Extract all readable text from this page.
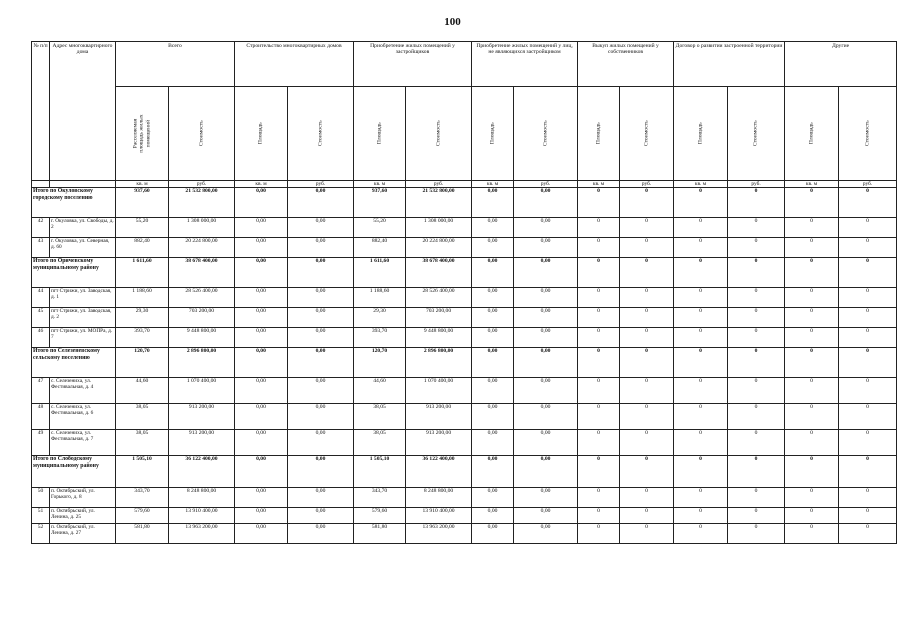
100
№ п/п	Адрес многоквартирного дома	Всего		Строительство многоквартирных домов		Приобретение жилых помещений у застройщиков		Приобретение жилых помещений у лиц, не являющихся застройщиком		Выкуп жилых помещений у собственников		Договор о развитии застроенной территории		Другие	
		Расселяемая площадь жилых помещений	Стоимость	Площадь	Стоимость	Площадь	Стоимость	Площадь	Стоимость	Площадь	Стоимость	Площадь	Стоимость	Площадь	Стоимость
		кв. м	руб.	кв. м	руб.	кв. м	руб.	кв. м	руб.	кв. м	руб.	кв. м	руб.	кв. м	руб.
Итого по Окуловскому городскому поселению		937,60	21 532 800,00	0,00	0,00	937,60	21 532 800,00	0,00	0,00	0	0	0	0	0	0
42	г. Окуловка, ул. Свободы, д. 2	55,20	1 308 000,00	0,00	0,00	55,20	1 308 000,00	0,00	0,00	0	0	0	0	0	0
43	г. Окуловка, ул. Северная, д. 60	882,40	20 224 800,00	0,00	0,00	882,40	20 224 800,00	0,00	0,00	0	0	0	0	0	0
Итого по Оричевскому муниципальному району		1 611,60	38 678 400,00	0,00	0,00	1 611,60	38 678 400,00	0,00	0,00	0	0	0	0	0	0
44	пгт Стрижи, ул. Заводская, д. 1	1 188,60	28 526 400,00	0,00	0,00	1 188,60	28 526 400,00	0,00	0,00	0	0	0	0	0	0
45	пгт Стрижи, ул. Заводская, д. 2	29,30	703 200,00	0,00	0,00	29,30	703 200,00	0,00	0,00	0	0	0	0	0	0
46	пгт Стрижи, ул. МОПРа, д. 7	393,70	9 448 800,00	0,00	0,00	393,70	9 448 800,00	0,00	0,00	0	0	0	0	0	0
Итого по Селезеневскому сельскому поселению		120,70	2 896 800,00	0,00	0,00	120,70	2 896 800,00	0,00	0,00	0	0	0	0	0	0
47	с. Селезениха, ул. Фестивальная, д. 4	44,60	1 070 400,00	0,00	0,00	44,60	1 070 400,00	0,00	0,00	0	0	0	0	0	0
48	с. Селезениха, ул. Фестивальная, д. 6	38,05	913 200,00	0,00	0,00	38,05	913 200,00	0,00	0,00	0	0	0	0	0	0
49	с. Селезениха, ул. Фестивальная, д. 7	38,05	913 200,00	0,00	0,00	38,05	913 200,00	0,00	0,00	0	0	0	0	0	0
Итого по Слободскому муниципальному району		1 505,10	36 122 400,00	0,00	0,00	1 505,10	36 122 400,00	0,00	0,00	0	0	0	0	0	0
50	п. Октябрьский, ул. Горького, д. 8	343,70	8 248 800,00	0,00	0,00	343,70	8 248 800,00	0,00	0,00	0	0	0	0	0	0
51	п. Октябрьский, ул. Ленина, д. 25	579,60	13 910 400,00	0,00	0,00	579,60	13 910 400,00	0,00	0,00	0	0	0	0	0	0
52	п. Октябрьский, ул. Ленина, д. 27	581,80	13 963 200,00	0,00	0,00	581,80	13 963 200,00	0,00	0,00	0	0	0	0	0	0
